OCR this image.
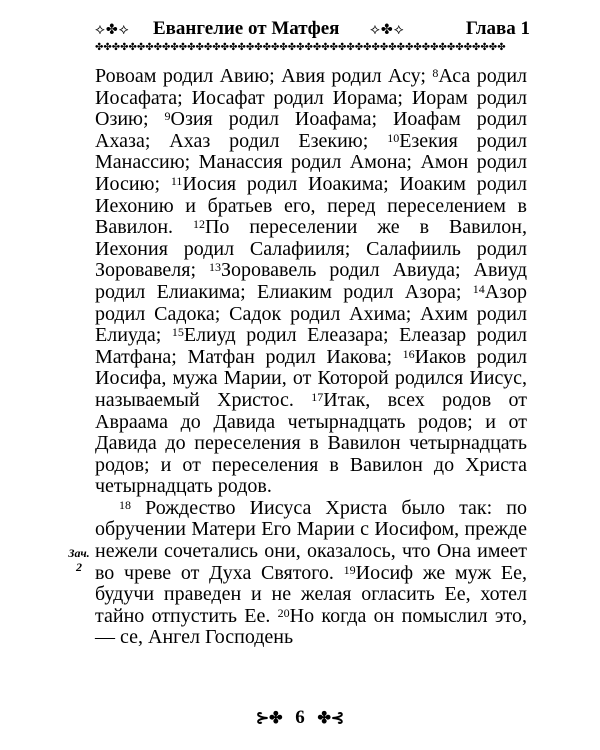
⟡✤⟡ Евангелие от Матфея ⟡✤⟡	Глава 1
✤✤✤✤✤✤✤✤✤✤✤✤✤✤✤✤✤✤✤✤✤✤✤✤✤✤✤✤✤✤✤✤✤✤✤✤✤✤✤✤✤✤✤✤✤✤✤✤✤
Зач.
2

Ровоам родил Авию; Авия родил Асу; $^8$Аса родил Иосафата; Иосафат родил Иорама; Иорам родил Озию; $^9$Озия родил Иоафама; Иоафам родил Ахаза; Ахаз родил Езекию; $^{10}$Езекия родил Манассию; Манассия родил Амона; Амон родил Иосию; $^{11}$Иосия родил Иоакима; Иоаким родил Иехонию и братьев его, перед переселением в Вавилон. $^{12}$По переселении же в Вавилон, Иехония родил Салафииля; Салафииль родил Зоровавеля; $^{13}$Зоровавель родил Авиуда; Авиуд родил Елиакима; Елиаким родил Азора; $^{14}$Азор родил Садока; Садок родил Ахима; Ахим родил Елиуда; $^{15}$Елиуд родил Елеазара; Елеазар родил Матфана; Матфан родил Иакова; $^{16}$Иаков родил Иосифа, мужа Марии, от Которой родился Иисус, называемый Христос. $^{17}$Итак, всех родов от Авраама до Давида четырнадцать родов; и от Давида до переселения в Вавилон четырнадцать родов; и от переселения в Вавилон до Христа четырнадцать родов.

$^{18}$ Рождество Иисуса Христа было так: по обручении Матери Его Марии с Иосифом, прежде нежели сочетались они, оказалось, что Она имеет во чреве от Духа Святого. $^{19}$Иосиф же муж Ее, будучи праведен и не желая огласить Ее, хотел тайно отпустить Ее. $^{20}$Но когда он помыслил это, — се, Ангел Господень

⊱✤ 6 ✤⊰
